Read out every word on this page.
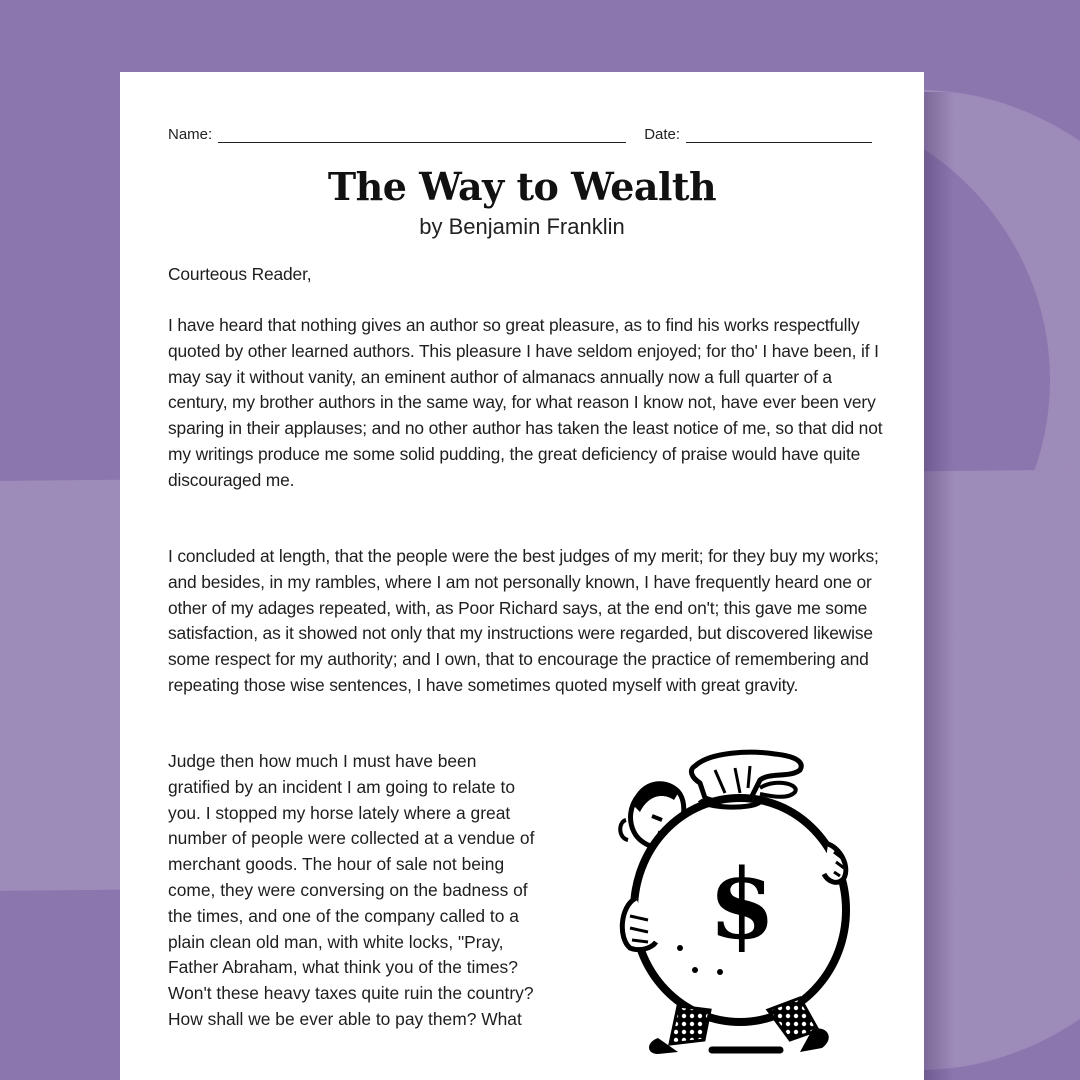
Name:	Date:
The Way to Wealth
by Benjamin Franklin

Courteous Reader,

I have heard that nothing gives an author so great pleasure, as to find his works respectfully quoted by other learned authors. This pleasure I have seldom enjoyed; for tho' I have been, if I may say it without vanity, an eminent author of almanacs annually now a full quarter of a century, my brother authors in the same way, for what reason I know not, have ever been very sparing in their applauses; and no other author has taken the least notice of me, so that did not my writings produce me some solid pudding, the great deficiency of praise would have quite discouraged me.

I concluded at length, that the people were the best judges of my merit; for they buy my works; and besides, in my rambles, where I am not personally known, I have frequently heard one or other of my adages repeated, with, as Poor Richard says, at the end on't; this gave me some satisfaction, as it showed not only that my instructions were regarded, but discovered likewise some respect for my authority; and I own, that to encourage the practice of remembering and repeating those wise sentences, I have sometimes quoted myself with great gravity.

Judge then how much I must have been gratified by an incident I am going to relate to you. I stopped my horse lately where a great number of people were collected at a vendue of merchant goods. The hour of sale not being come, they were conversing on the badness of the times, and one of the company called to a plain clean old man, with white locks, "Pray, Father Abraham, what think you of the times? Won't these heavy taxes quite ruin the country? How shall we be ever able to pay them? What

$
